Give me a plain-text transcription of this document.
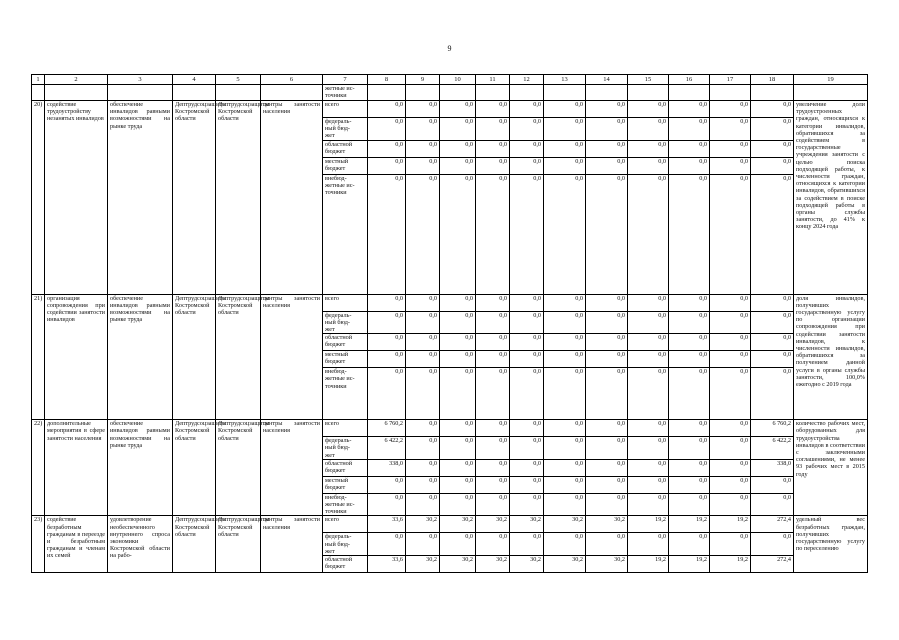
9
1	2	3	4	5	6	7	8	9	10	11	12	13	14	15	16	17	18	19
						жетные ис-
точники												
20)	содействие трудоустройству незанятых инвалидов	обеспечение инвалидов равными возможностями на рынке труда	Дептрудсоцзащиты Костромской области	Дептрудсоцзащиты Костромской области	центры занятости населения	всего	0,0	0,0	0,0	0,0	0,0	0,0	0,0	0,0	0,0	0,0	0,0	увеличение доли трудоустроенных граждан, относящихся к категории инвалидов, обратившихся за содействием в государственные учреждения занятости с целью поиска подходящей работы, к численности граждан, относящихся к категории инвалидов, обратившихся за содействием в поиске подходящей работы в органы службы занятости, до 41% к концу 2024 года
						федераль-
ный бюд-
жет	0,0	0,0	0,0	0,0	0,0	0,0	0,0	0,0	0,0	0,0	0,0	
						областной
бюджет	0,0	0,0	0,0	0,0	0,0	0,0	0,0	0,0	0,0	0,0	0,0	
						местный
бюджет	0,0	0,0	0,0	0,0	0,0	0,0	0,0	0,0	0,0	0,0	0,0	
						внебюд-
жетные ис-
точники	0,0	0,0	0,0	0,0	0,0	0,0	0,0	0,0	0,0	0,0	0,0	
21)	организация сопровождения при содействии занятости инвалидов	обеспечение инвалидов равными возможностями на рынке труда	Дептрудсоцзащиты Костромской области	Дептрудсоцзащиты Костромской области	центры занятости населения	всего	0,0	0,0	0,0	0,0	0,0	0,0	0,0	0,0	0,0	0,0	0,0	доля инвалидов, получивших государственную услугу по организации сопровождения при содействии занятости инвалидов, к численности инвалидов, обратившихся за получением данной услуги в органы службы занятости, 100,0% ежегодно с 2019 года
						федераль-
ный бюд-
жет	0,0	0,0	0,0	0,0	0,0	0,0	0,0	0,0	0,0	0,0	0,0	
						областной
бюджет	0,0	0,0	0,0	0,0	0,0	0,0	0,0	0,0	0,0	0,0	0,0	
						местный
бюджет	0,0	0,0	0,0	0,0	0,0	0,0	0,0	0,0	0,0	0,0	0,0	
						внебюд-
жетные ис-
точники	0,0	0,0	0,0	0,0	0,0	0,0	0,0	0,0	0,0	0,0	0,0	
22)	дополнительные мероприятия в сфере занятости населения	обеспечение инвалидов равными возможностями на рынке труда	Дептрудсоцзащиты Костромской области	Дептрудсоцзащиты Костромской области	центры занятости населения	всего	6 760,2	0,0	0,0	0,0	0,0	0,0	0,0	0,0	0,0	0,0	6 760,2	количество рабочих мест, оборудованных для трудоустройства инвалидов в соответствии с заключенными соглашениями, не менее 93 рабочих мест в 2015 году
						федераль-
ный бюд-
жет	6 422,2	0,0	0,0	0,0	0,0	0,0	0,0	0,0	0,0	0,0	6 422,2	
						областной
бюджет	338,0	0,0	0,0	0,0	0,0	0,0	0,0	0,0	0,0	0,0	338,0	
						местный
бюджет	0,0	0,0	0,0	0,0	0,0	0,0	0,0	0,0	0,0	0,0	0,0	
						внебюд-
жетные ис-
точники	0,0	0,0	0,0	0,0	0,0	0,0	0,0	0,0	0,0	0,0	0,0	
23)	содействие безработным гражданам в переезде и безработным гражданам и членам их семей	удовлетворение необеспеченного внутреннего спроса экономики Костромской области на рабо-	Дептрудсоцзащиты Костромской области	Дептрудсоцзащиты Костромской области	центры занятости населения	всего	33,6	30,2	30,2	30,2	30,2	30,2	30,2	19,2	19,2	19,2	272,4	удельный вес безработных граждан, получивших государственную услугу по переселению
						федераль-
ный бюд-
жет	0,0	0,0	0,0	0,0	0,0	0,0	0,0	0,0	0,0	0,0	0,0	
						областной
бюджет	33,6	30,2	30,2	30,2	30,2	30,2	30,2	19,2	19,2	19,2	272,4	
